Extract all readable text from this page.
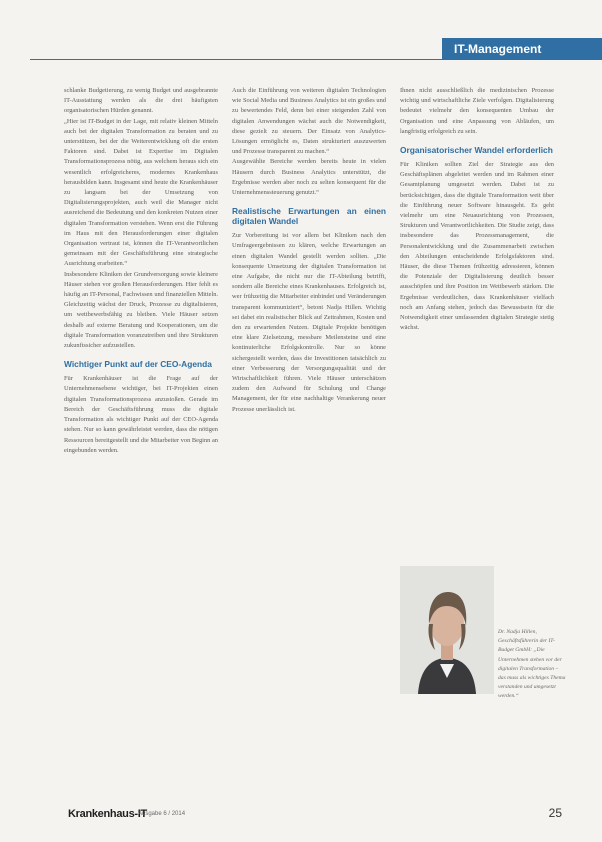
IT-Management

schlanke Budgetierung, zu wenig Budget und ausgebrannte IT-Ausstattung werden als die drei häufigsten organisatorischen Hürden genannt.

„Hier ist IT-Budget in der Lage, mit relativ kleinen Mitteln auch bei der digitalen Transformation zu beraten und zu unterstützen, bei der die Weiterentwicklung oft die ersten Faktoren sind. Dabei ist Expertise im Digitalen Transformationsprozess nötig, aus welchem heraus sich ein wesentlich erfolgreicheres, modernes Krankenhaus herausbilden kann. Insgesamt sind heute die Krankenhäuser zu langsam bei der Umsetzung von Digitalisierungsprojekten, auch weil die Manager nicht ausreichend die Bedeutung und den konkreten Nutzen einer digitalen Transformation verstehen. Wenn erst die Führung im Haus mit den Herausforderungen einer digitalen Organisation vertraut ist, können die IT-Verantwortlichen gemeinsam mit der Geschäftsführung eine strategische Ausrichtung erarbeiten.“

Insbesondere Kliniken der Grundversorgung sowie kleinere Häuser stehen vor großen Herausforderungen. Hier fehlt es häufig an IT-Personal, Fachwissen und finanziellen Mitteln. Gleichzeitig wächst der Druck, Prozesse zu digitalisieren, um wettbewerbsfähig zu bleiben. Viele Häuser setzen deshalb auf externe Beratung und Kooperationen, um die digitale Transformation voranzutreiben und ihre Strukturen zukunftssicher aufzustellen.

Wichtiger Punkt auf der CEO-Agenda

Für Krankenhäuser ist die Frage auf der Unternehmensebene wichtiger, bei IT-Projekten einen digitalen Transformationsprozess anzustoßen. Gerade im Bereich der Geschäftsführung muss die digitale Transformation als wichtiger Punkt auf der CEO-Agenda stehen. Nur so kann gewährleistet werden, dass die nötigen Ressourcen bereitgestellt und die Mitarbeiter von Beginn an eingebunden werden.

Auch die Einführung von weiteren digitalen Technologien wie Social Media und Business Analytics ist ein großes und zu bewertendes Feld, denn bei einer steigenden Zahl von digitalen Anwendungen wächst auch die Notwendigkeit, diese gezielt zu steuern. Der Einsatz von Analytics-Lösungen ermöglicht es, Daten strukturiert auszuwerten und Prozesse transparent zu machen.“

Ausgewählte Bereiche werden bereits heute in vielen Häusern durch Business Analytics unterstützt, die Ergebnisse werden aber noch zu selten konsequent für die Unternehmenssteuerung genutzt.“

Realistische Erwartungen an einen digitalen Wandel

Zur Vorbereitung ist vor allem bei Kliniken nach den Umfrageergebnissen zu klären, welche Erwartungen an einen digitalen Wandel gestellt werden sollten. „Die konsequente Umsetzung der digitalen Transformation ist eine Aufgabe, die nicht nur die IT-Abteilung betrifft, sondern alle Bereiche eines Krankenhauses. Erfolgreich ist, wer frühzeitig die Mitarbeiter einbindet und Veränderungen transparent kommuniziert“, betont Nadja Hillen. Wichtig sei dabei ein realistischer Blick auf Zeitrahmen, Kosten und den zu erwartenden Nutzen. Digitale Projekte benötigen eine klare Zielsetzung, messbare Meilensteine und eine kontinuierliche Erfolgskontrolle. Nur so könne sichergestellt werden, dass die Investitionen tatsächlich zu einer Verbesserung der Versorgungsqualität und der Wirtschaftlichkeit führen. Viele Häuser unterschätzen zudem den Aufwand für Schulung und Change Management, der für eine nachhaltige Verankerung neuer Prozesse unerlässlich ist.

Ihnen nicht ausschließlich die medizinischen Prozesse wichtig und wirtschaftliche Ziele verfolgen. Digitalisierung bedeutet vielmehr den konsequenten Umbau der Organisation und eine Anpassung von Abläufen, um langfristig erfolgreich zu sein.

Organisatorischer Wandel erforderlich

Für Kliniken sollten Ziel der Strategie aus den Geschäftsplänen abgeleitet werden und im Rahmen einer Gesamtplanung umgesetzt werden. Dabei ist zu berücksichtigen, dass die digitale Transformation weit über die Einführung neuer Software hinausgeht. Es geht vielmehr um eine Neuausrichtung von Prozessen, Strukturen und Verantwortlichkeiten. Die Studie zeigt, dass insbesondere das Prozessmanagement, die Personalentwicklung und die Zusammenarbeit zwischen den Abteilungen entscheidende Erfolgsfaktoren sind. Häuser, die diese Themen frühzeitig adressieren, können die Potenziale der Digitalisierung deutlich besser ausschöpfen und ihre Position im Wettbewerb stärken. Die Ergebnisse verdeutlichen, dass Krankenhäuser vielfach noch am Anfang stehen, jedoch das Bewusstsein für die Notwendigkeit einer umfassenden digitalen Strategie stetig wächst.

Dr. Nadja Hillen, Geschäftsführerin der IT-Budget GmbH: „Die Unternehmen stehen vor der digitalen Transformation – das muss als wichtiges Thema verstanden und umgesetzt werden.“
Krankenhaus-IT
Ausgabe 6 / 2014	25
